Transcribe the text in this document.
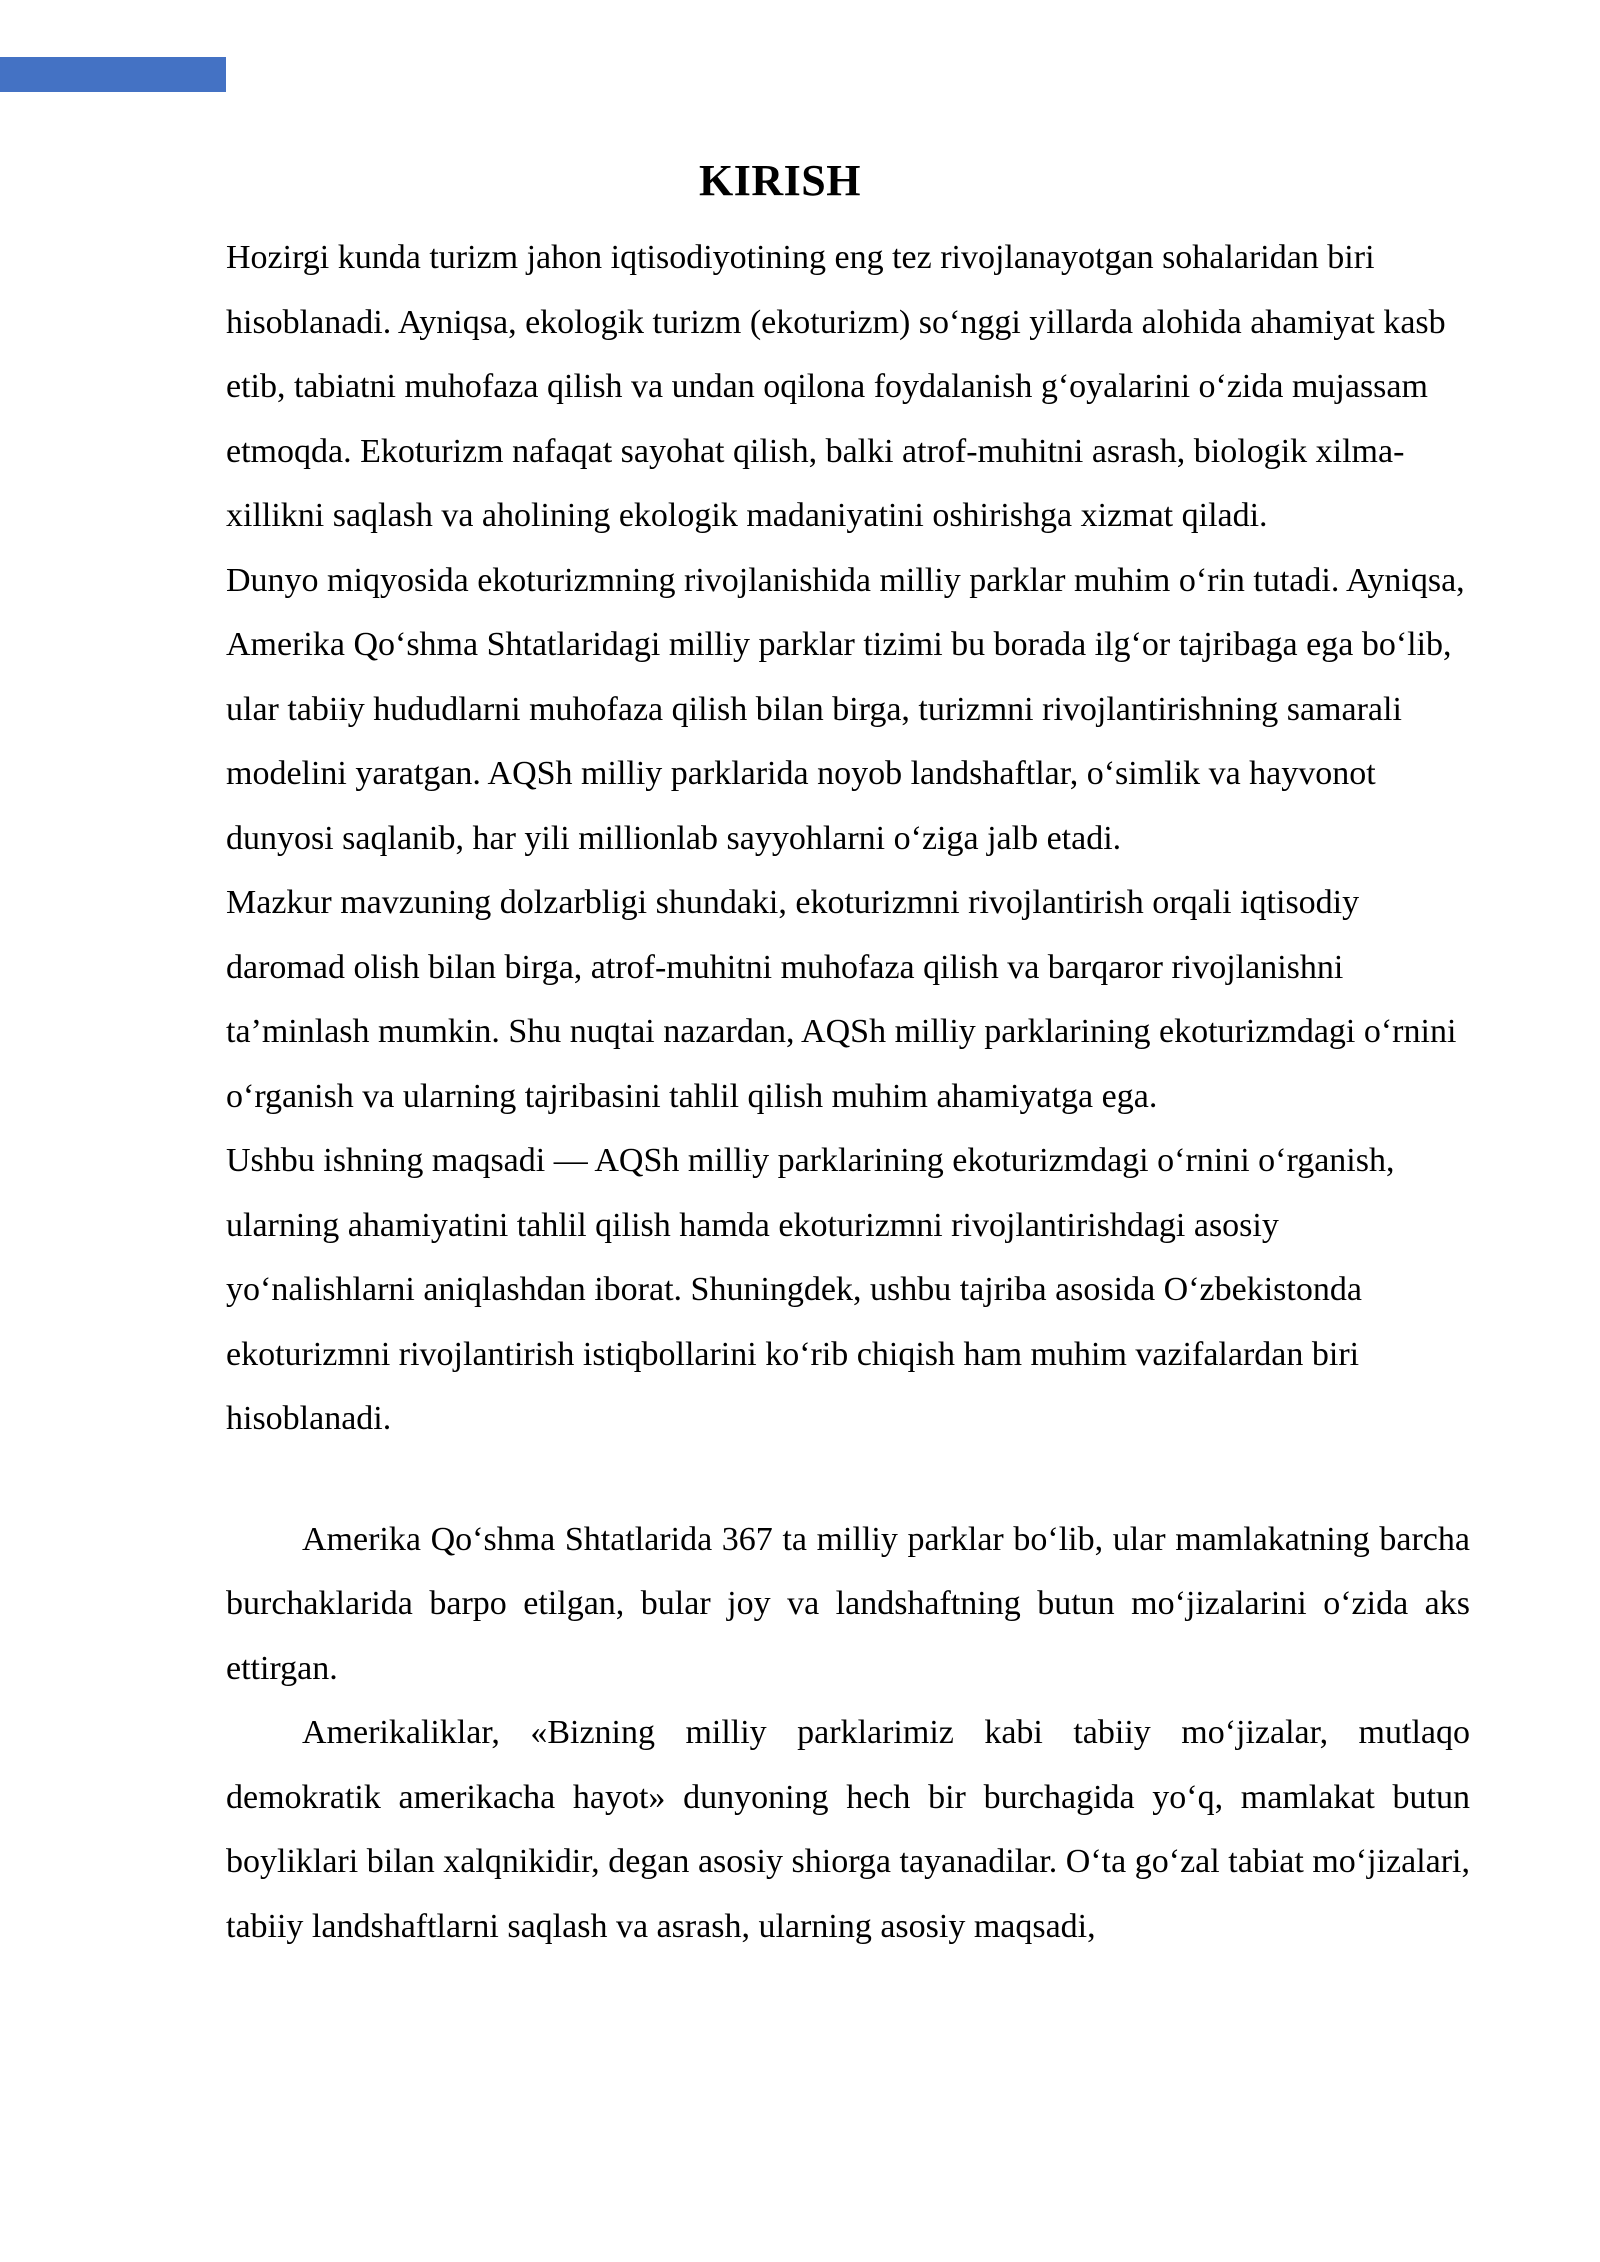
KIRISH

Hozirgi kunda turizm jahon iqtisodiyotining eng tez rivojlanayotgan sohalaridan biri hisoblanadi. Ayniqsa, ekologik turizm (ekoturizm) so‘nggi yillarda alohida ahamiyat kasb etib, tabiatni muhofaza qilish va undan oqilona foydalanish g‘oyalarini o‘zida mujassam etmoqda. Ekoturizm nafaqat sayohat qilish, balki atrof-muhitni asrash, biologik xilma-xillikni saqlash va aholining ekologik madaniyatini oshirishga xizmat qiladi.

Dunyo miqyosida ekoturizmning rivojlanishida milliy parklar muhim o‘rin tutadi. Ayniqsa, Amerika Qo‘shma Shtatlaridagi milliy parklar tizimi bu borada ilg‘or tajribaga ega bo‘lib, ular tabiiy hududlarni muhofaza qilish bilan birga, turizmni rivojlantirishning samarali modelini yaratgan. AQSh milliy parklarida noyob landshaftlar, o‘simlik va hayvonot dunyosi saqlanib, har yili millionlab sayyohlarni o‘ziga jalb etadi.

Mazkur mavzuning dolzarbligi shundaki, ekoturizmni rivojlantirish orqali iqtisodiy daromad olish bilan birga, atrof-muhitni muhofaza qilish va barqaror rivojlanishni ta’minlash mumkin. Shu nuqtai nazardan, AQSh milliy parklarining ekoturizmdagi o‘rnini o‘rganish va ularning tajribasini tahlil qilish muhim ahamiyatga ega.

Ushbu ishning maqsadi — AQSh milliy parklarining ekoturizmdagi o‘rnini o‘rganish, ularning ahamiyatini tahlil qilish hamda ekoturizmni rivojlantirishdagi asosiy yo‘nalishlarni aniqlashdan iborat. Shuningdek, ushbu tajriba asosida O‘zbekistonda ekoturizmni rivojlantirish istiqbollarini ko‘rib chiqish ham muhim vazifalardan biri hisoblanadi.

Amerika Qo‘shma Shtatlarida 367 ta milliy parklar bo‘lib, ular mamlakatning barcha burchaklarida barpo etilgan, bular joy va landshaftning butun mo‘jizalarini o‘zida aks ettirgan.

Amerikaliklar, «Bizning milliy parklarimiz kabi tabiiy mo‘jizalar, mutlaqo demokratik amerikacha hayot» dunyoning hech bir burchagida yo‘q, mamlakat butun boyliklari bilan xalqnikidir, degan asosiy shiorga tayanadilar. O‘ta go‘zal tabiat mo‘jizalari, tabiiy landshaftlarni saqlash va asrash, ularning asosiy maqsadi,
